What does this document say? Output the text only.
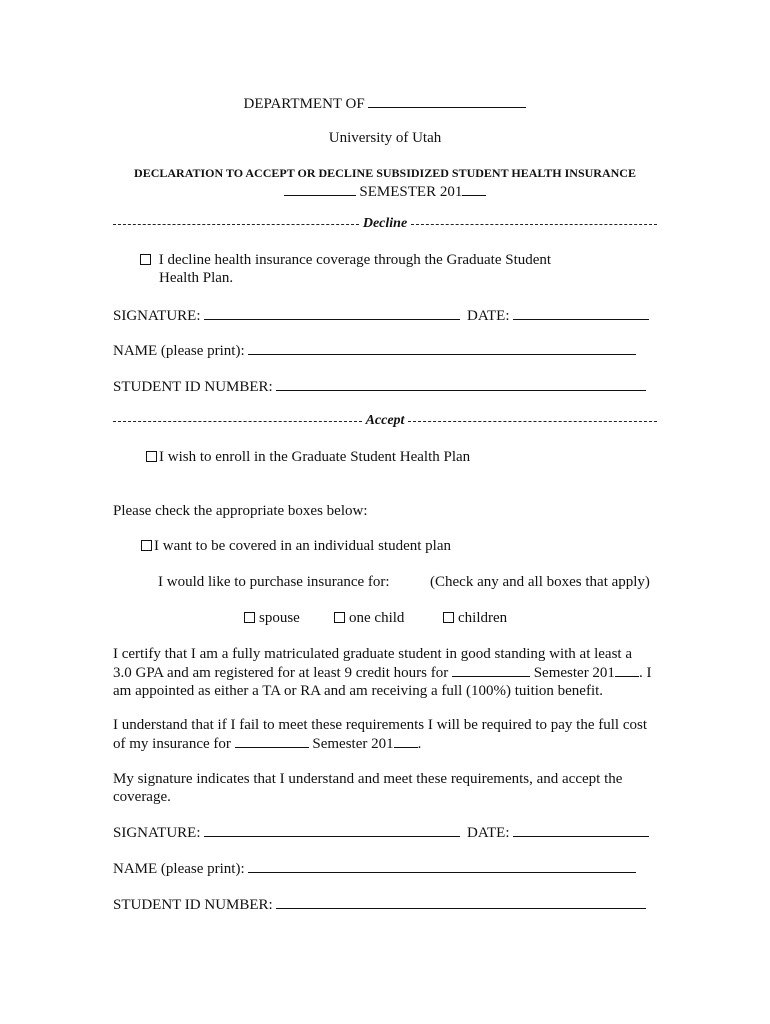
DEPARTMENT OF
University of Utah
DECLARATION TO ACCEPT OR DECLINE SUBSIDIZED STUDENT HEALTH INSURANCE
SEMESTER 201
Decline
I decline health insurance coverage through the Graduate Student
Health Plan.
SIGNATURE:	DATE:
NAME (please print):
STUDENT ID NUMBER:
Accept
I wish to enroll in the Graduate Student Health Plan
Please check the appropriate boxes below:
I want to be covered in an individual student plan
I would like to purchase insurance for:	(Check any and all boxes that apply)
spouse	one child	children
I certify that I am a fully matriculated graduate student in good standing with at least a
3.0 GPA and am registered for at least 9 credit hours for	Semester 201 . I
am appointed as either a TA or RA and am receiving a full (100%) tuition benefit.
I understand that if I fail to meet these requirements I will be required to pay the full cost
of my insurance for	Semester 201 .
My signature indicates that I understand and meet these requirements, and accept the
coverage.
SIGNATURE:	DATE:
NAME (please print):
STUDENT ID NUMBER:
